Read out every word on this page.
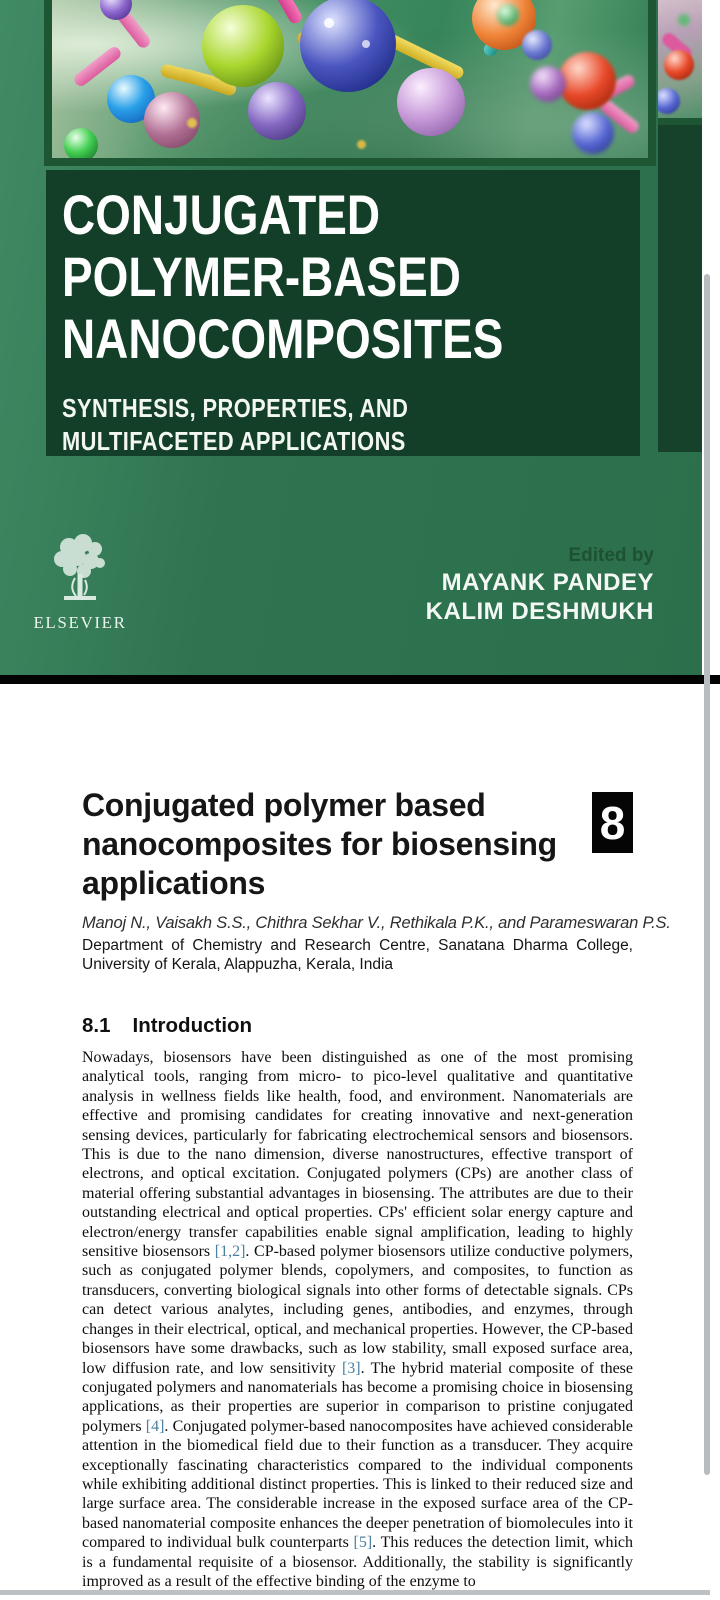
CONJUGATED
POLYMER-BASED
NANOCOMPOSITES
SYNTHESIS, PROPERTIES, AND
MULTIFACETED APPLICATIONS
ELSEVIER
Edited by
MAYANK PANDEY
KALIM DESHMUKH
Conjugated polymer based
nanocomposites for biosensing
applications
8
Manoj N., Vaisakh S.S., Chithra Sekhar V., Rethikala P.K., and Parameswaran P.S.
Department of Chemistry and Research Centre, Sanatana Dharma College, University of Kerala, Alappuzha, Kerala, India
8.1 Introduction

Nowadays, biosensors have been distinguished as one of the most promising analytical tools, ranging from micro- to pico-level qualitative and quantitative analysis in wellness fields like health, food, and environment. Nanomaterials are effective and promising candidates for creating innovative and next-generation sensing devices, particularly for fabricating electrochemical sensors and biosensors. This is due to the nano dimension, diverse nanostructures, effective transport of electrons, and optical excitation. Conjugated polymers (CPs) are another class of material offering substantial advantages in biosensing. The attributes are due to their outstanding electrical and optical properties. CPs' efficient solar energy capture and electron/energy transfer capabilities enable signal amplification, leading to highly sensitive biosensors [1,2]. CP-based polymer biosensors utilize conductive polymers, such as conjugated polymer blends, copolymers, and composites, to function as transducers, converting biological signals into other forms of detectable signals. CPs can detect various analytes, including genes, antibodies, and enzymes, through changes in their electrical, optical, and mechanical properties. However, the CP-based biosensors have some drawbacks, such as low stability, small exposed surface area, low diffusion rate, and low sensitivity [3]. The hybrid material composite of these conjugated polymers and nanomaterials has become a promising choice in biosensing applications, as their properties are superior in comparison to pristine conjugated polymers [4]. Conjugated polymer-based nanocomposites have achieved considerable attention in the biomedical field due to their function as a transducer. They acquire exceptionally fascinating characteristics compared to the individual components while exhibiting additional distinct properties. This is linked to their reduced size and large surface area. The considerable increase in the exposed surface area of the CP-based nanomaterial composite enhances the deeper penetration of biomolecules into it compared to individual bulk counterparts [5]. This reduces the detection limit, which is a fundamental requisite of a biosensor. Additionally, the stability is significantly improved as a result of the effective binding of the enzyme to
